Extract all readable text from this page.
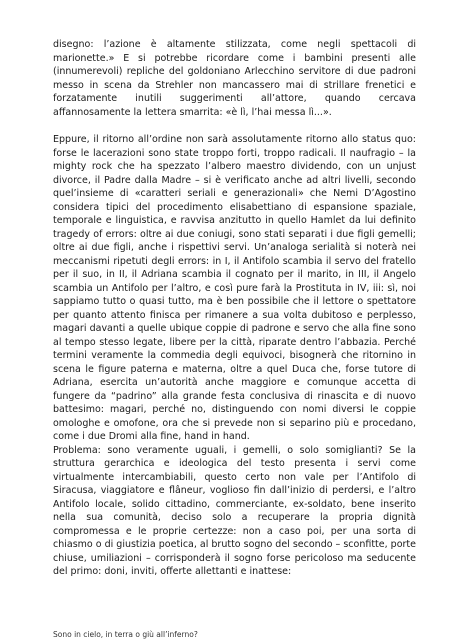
disegno: l’azione è altamente stilizzata, come negli spettacoli di marionette.» E si potrebbe ricordare come i bambini presenti alle (innumerevoli) repliche del goldoniano Arlecchino servitore di due padroni messo in scena da Strehler non mancassero mai di strillare frenetici e forzatamente inutili suggerimenti all’attore, quando cercava affannosamente la lettera smarrita: «è lì, l’hai messa lì...».

Eppure, il ritorno all’ordine non sarà assolutamente ritorno allo status quo: forse le lacerazioni sono state troppo forti, troppo radicali. Il naufragio – la mighty rock che ha spezzato l’albero maestro dividendo, con un unjust divorce, il Padre dalla Madre – si è verificato anche ad altri livelli, secondo quel’insieme di «caratteri seriali e generazionali» che Nemi D’Agostino considera tipici del procedimento elisabettiano di espansione spaziale, temporale e linguistica, e ravvisa anzitutto in quello Hamlet da lui definito tragedy of errors: oltre ai due coniugi, sono stati separati i due figli gemelli; oltre ai due figli, anche i rispettivi servi. Un’analoga serialità si noterà nei meccanismi ripetuti degli errors: in I, il Antifolo scambia il servo del fratello per il suo, in II, il Adriana scambia il cognato per il marito, in III, il Angelo scambia un Antifolo per l’altro, e così pure farà la Prostituta in IV, iii: sì, noi sappiamo tutto o quasi tutto, ma è ben possibile che il lettore o spettatore per quanto attento finisca per rimanere a sua volta dubitoso e perplesso, magari davanti a quelle ubique coppie di padrone e servo che alla fine sono al tempo stesso legate, libere per la città, riparate dentro l’abbazia. Perché termini veramente la commedia degli equivoci, bisognerà che ritornino in scena le figure paterna e materna, oltre a quel Duca che, forse tutore di Adriana, esercita un’autorità anche maggiore e comunque accetta di fungere da “padrino” alla grande festa conclusiva di rinascita e di nuovo battesimo: magari, perché no, distinguendo con nomi diversi le coppie omologhe e omofone, ora che si prevede non si separino più e procedano, come i due Dromi alla fine, hand in hand.

Problema: sono veramente uguali, i gemelli, o solo somiglianti? Se la struttura gerarchica e ideologica del testo presenta i servi come virtualmente intercambiabili, questo certo non vale per l’Antifolo di Siracusa, viaggiatore e flâneur, voglioso fin dall’inizio di perdersi, e l’altro Antifolo locale, solido cittadino, commerciante, ex-soldato, bene inserito nella sua comunità, deciso solo a recuperare la propria dignità compromessa e le proprie certezze: non a caso poi, per una sorta di chiasmo o di giustizia poetica, al brutto sogno del secondo – sconfitte, porte chiuse, umiliazioni – corrisponderà il sogno forse pericoloso ma seducente del primo: doni, inviti, offerte allettanti e inattese:

Sono in cielo, in terra o giù all’inferno?
